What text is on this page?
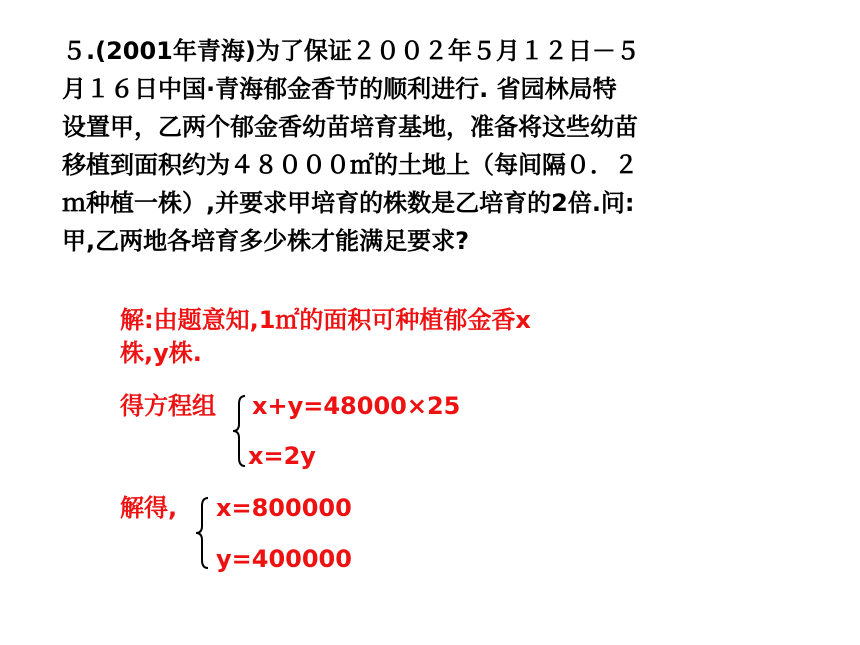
５.(2001年青海)为了保证２００２年５月１２日－５
月１６日中国·青海郁金香节的顺利进行. 省园林局特
设置甲，乙两个郁金香幼苗培育基地，准备将这些幼苗
移植到面积约为４８０００㎡的土地上（每间隔０．２
ｍ种植一株）,并要求甲培育的株数是乙培育的2倍.问:
甲,乙两地各培育多少株才能满足要求?
解:由题意知,1㎡的面积可种植郁金香x
株,y株.
得方程组 x+y=48000×25
x=2y
解得, x=800000
y=400000
